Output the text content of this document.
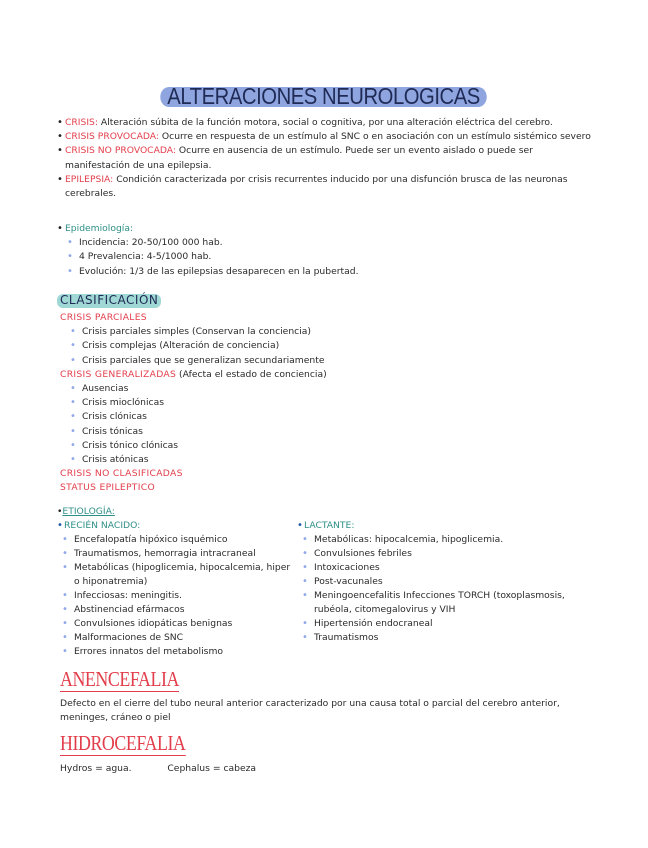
ALTERACIONES NEUROLOGICAS

• CRISIS: Alteración súbita de la función motora, social o cognitiva, por una alteración eléctrica del cerebro.

• CRISIS PROVOCADA: Ocurre en respuesta de un estímulo al SNC o en asociación con un estímulo sistémico severo

• CRISIS NO PROVOCADA: Ocurre en ausencia de un estímulo. Puede ser un evento aislado o puede ser manifestación de una epilepsia.

• EPILEPSIA: Condición caracterizada por crisis recurrentes inducido por una disfunción brusca de las neuronas cerebrales.

• Epidemiología:
• Incidencia: 20-50/100 000 hab.
• 4 Prevalencia: 4-5/1000 hab.
• Evolución: 1/3 de las epilepsias desaparecen en la pubertad.
CLASIFICACIÓN
CRISIS PARCIALES
• Crisis parciales simples (Conservan la conciencia)
• Crisis complejas (Alteración de conciencia)
• Crisis parciales que se generalizan secundariamente
CRISIS GENERALIZADAS (Afecta el estado de conciencia)
• Ausencias
• Crisis mioclónicas
• Crisis clónicas
• Crisis tónicas
• Crisis tónico clónicas
• Crisis atónicas
CRISIS NO CLASIFICADAS
STATUS EPILEPTICO
•ETIOLOGÍA:
• RECIÉN NACIDO:
• Encefalopatía hipóxico isquémico
• Traumatismos, hemorragia intracraneal
• Metabólicas (hipoglicemia, hipocalcemia, hiper o hiponatremia)
• Infecciosas: meningitis.
• Abstinenciad efármacos
• Convulsiones idiopáticas benignas
• Malformaciones de SNC
• Errores innatos del metabolismo
• LACTANTE:
• Metabólicas: hipocalcemia, hipoglicemia.
• Convulsiones febriles
• Intoxicaciones
• Post-vacunales
• Meningoencefalitis Infecciones TORCH (toxoplasmosis, rubéola, citomegalovirus y VIH
• Hipertensión endocraneal
• Traumatismos
ANENCEFALIA
Defecto en el cierre del tubo neural anterior caracterizado por una causa total o parcial del cerebro anterior, meninges, cráneo o piel
HIDROCEFALIA
Hydros = agua.	Cephalus = cabeza
